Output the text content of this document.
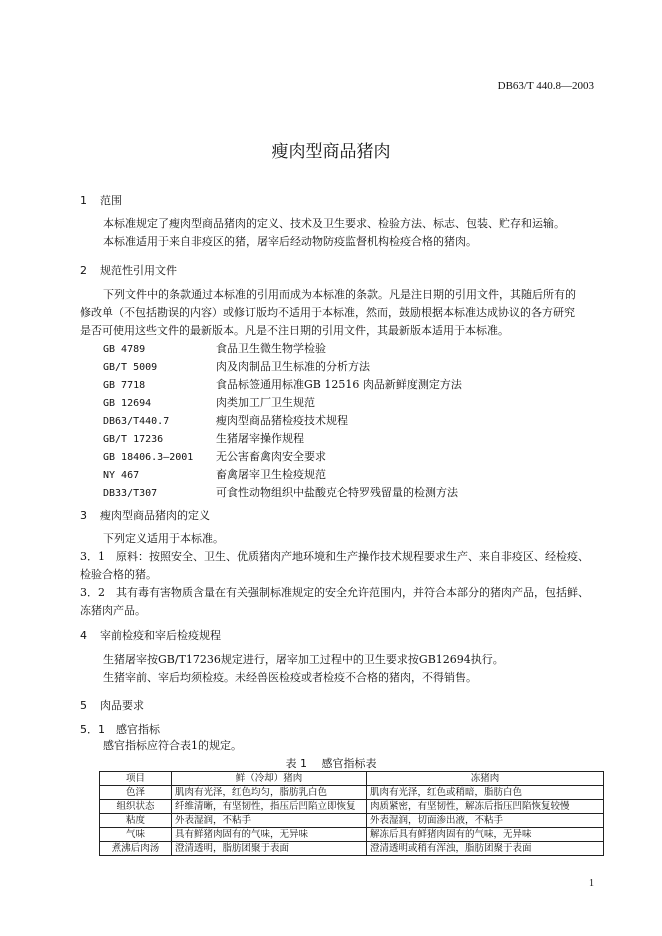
DB63/T 440.8—2003
瘦肉型商品猪肉
1 范围
本标准规定了瘦肉型商品猪肉的定义、技术及卫生要求、检验方法、标志、包装、贮存和运输。
本标准适用于来自非疫区的猪，屠宰后经动物防疫监督机构检疫合格的猪肉。
2 规范性引用文件
下列文件中的条款通过本标准的引用而成为本标准的条款。凡是注日期的引用文件，其随后所有的
修改单（不包括勘误的内容）或修订版均不适用于本标准，然而，鼓励根据本标准达成协议的各方研究
是否可使用这些文件的最新版本。凡是不注日期的引用文件，其最新版本适用于本标准。
GB 4789	食品卫生微生物学检验
GB/T 5009	肉及肉制品卫生标准的分析方法
GB 7718	食品标签通用标准GB 12516 肉品新鲜度测定方法
GB 12694	肉类加工厂卫生规范
DB63/T440.7	瘦肉型商品猪检疫技术规程
GB/T 17236	生猪屠宰操作规程
GB 18406.3—2001 无公害畜禽肉安全要求
NY 467	畜禽屠宰卫生检疫规范
DB33/T307	可食性动物组织中盐酸克仑特罗残留量的检测方法
3 瘦肉型商品猪肉的定义
下列定义适用于本标准。
3．1　原料：按照安全、卫生、优质猪肉产地环境和生产操作技术规程要求生产、来自非疫区、经检疫、
检验合格的猪。
3．2　其有毒有害物质含量在有关强制标准规定的安全允许范围内，并符合本部分的猪肉产品，包括鲜、
冻猪肉产品。
4 宰前检疫和宰后检疫规程
生猪屠宰按GB/T17236规定进行，屠宰加工过程中的卫生要求按GB12694执行。
生猪宰前、宰后均须检疫。未经兽医检疫或者检疫不合格的猪肉，不得销售。
5 肉品要求
5．1 感官指标
感官指标应符合表1的规定。
表 1　 感官指标表
项目	鲜（冷却）猪肉	冻猪肉
色泽	肌肉有光泽，红色均匀，脂肪乳白色	肌肉有光泽，红色或稍暗，脂肪白色
组织状态	纤维清晰，有坚韧性，指压后凹陷立即恢复	肉质紧密，有坚韧性，解冻后指压凹陷恢复较慢
粘度	外表湿润，不粘手	外表湿润，切面渗出液，不粘手
气味	具有鲜猪肉固有的气味，无异味	解冻后具有鲜猪肉固有的气味，无异味
煮沸后肉汤	澄清透明，脂肪团聚于表面	澄清透明或稍有浑浊，脂肪团聚于表面
1
